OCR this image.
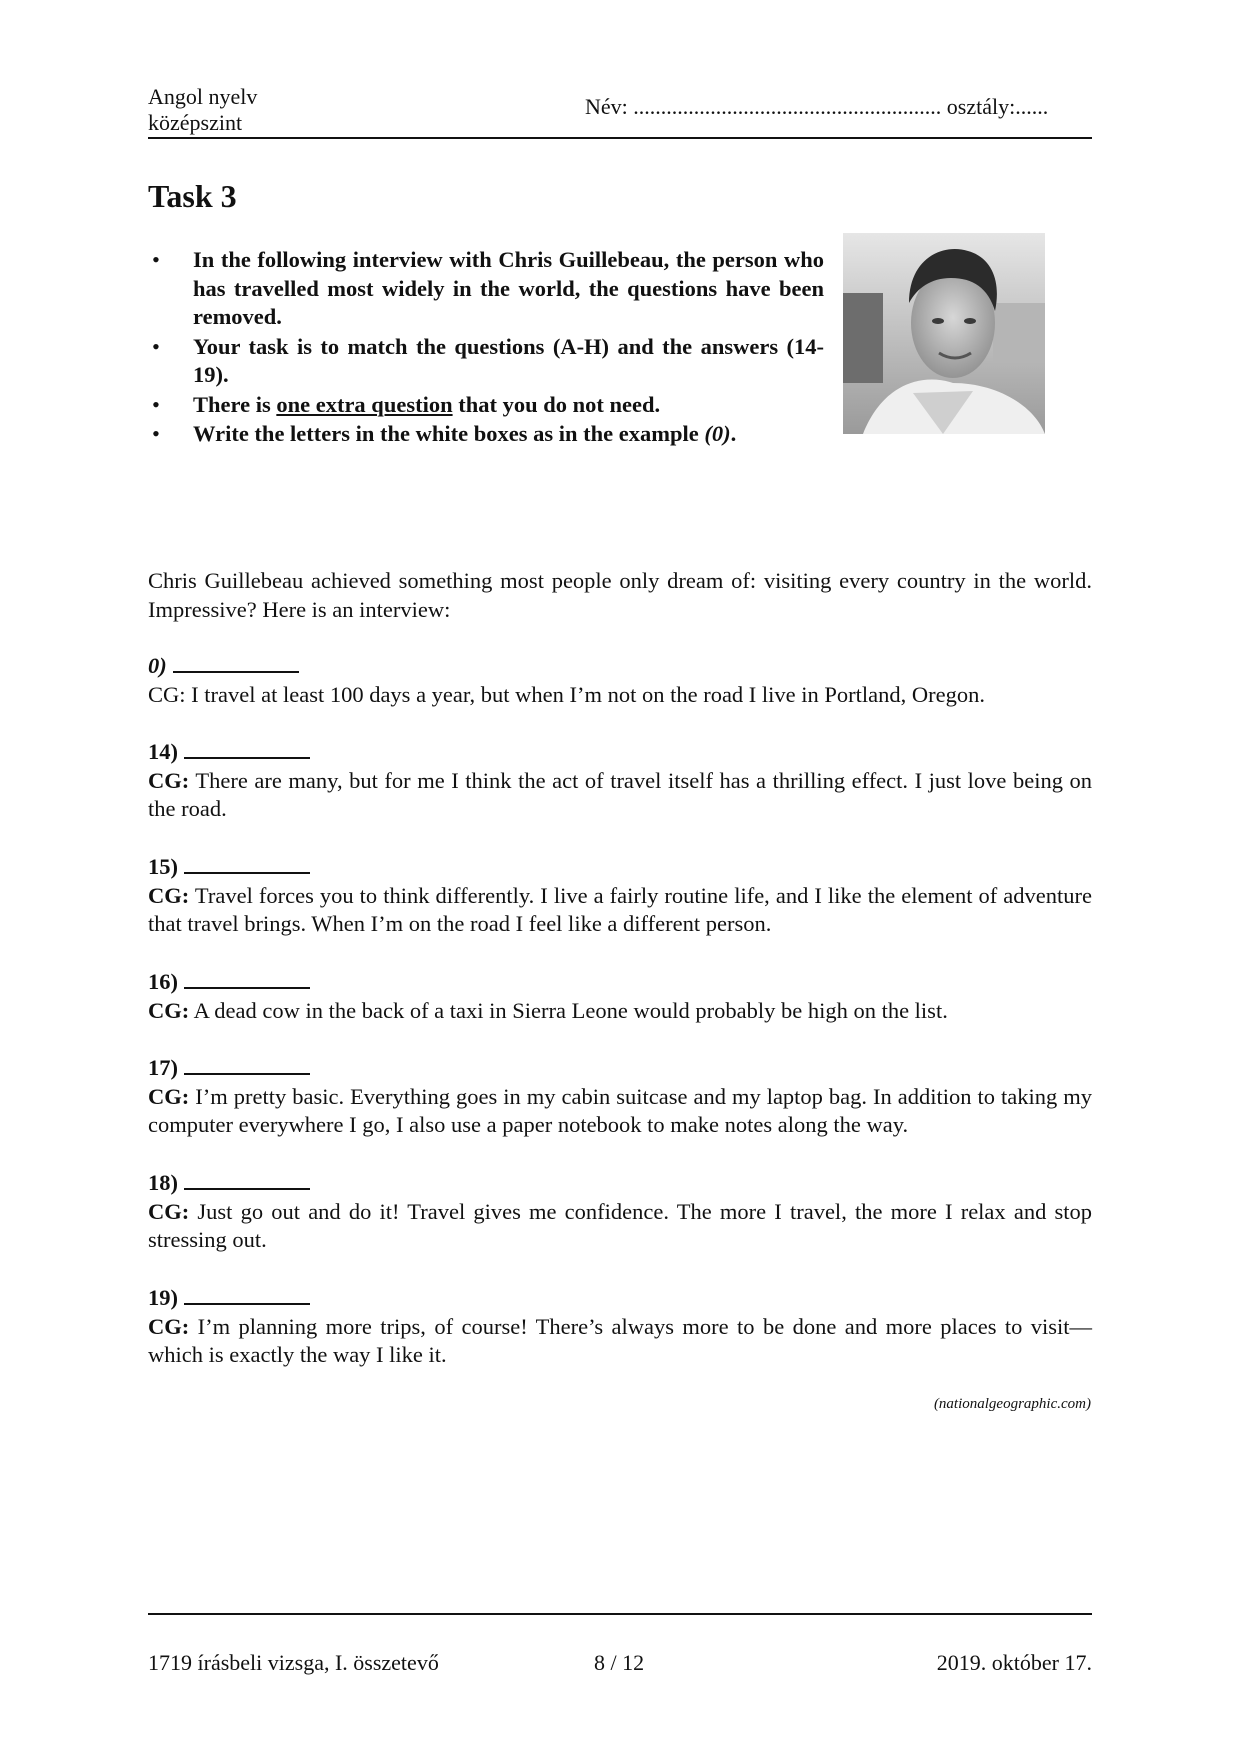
Angol nyelv
középszint
Név: ........................................................ osztály:......
Task 3
• In the following interview with Chris Guillebeau, the person who has travelled most widely in the world, the questions have been removed.
• Your task is to match the questions (A-H) and the answers (14-19).
• There is one extra question that you do not need.
• Write the letters in the white boxes as in the example (0).
Chris Guillebeau achieved something most people only dream of: visiting every country in the world. Impressive? Here is an interview:
0)
CG: I travel at least 100 days a year, but when I’m not on the road I live in Portland, Oregon.
14)
CG: There are many, but for me I think the act of travel itself has a thrilling effect. I just love being on the road.
15)
CG: Travel forces you to think differently. I live a fairly routine life, and I like the element of adventure that travel brings. When I’m on the road I feel like a different person.
16)
CG: A dead cow in the back of a taxi in Sierra Leone would probably be high on the list.
17)
CG: I’m pretty basic. Everything goes in my cabin suitcase and my laptop bag. In addition to taking my computer everywhere I go, I also use a paper notebook to make notes along the way.
18)
CG: Just go out and do it! Travel gives me confidence. The more I travel, the more I relax and stop stressing out.
19)
CG: I’m planning more trips, of course! There’s always more to be done and more places to visit—which is exactly the way I like it.
(nationalgeographic.com)
1719 írásbeli vizsga, I. összetevő	8 / 12	2019. október 17.
